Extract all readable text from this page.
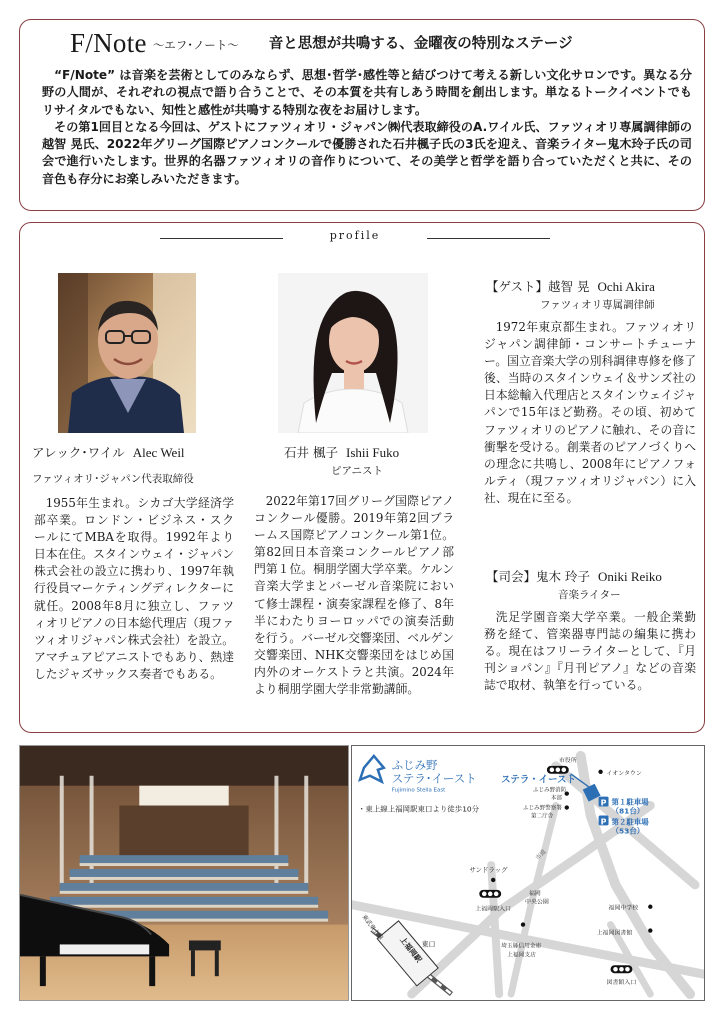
F/Note ～エフ･ノート～ 音と思想が共鳴する、金曜夜の特別なステージ

“F/Note” は音楽を芸術としてのみならず、思想･哲学･感性等と結びつけて考える新しい文化サロンです。異なる分野の人間が、それぞれの視点で語り合うことで、その本質を共有しあう時間を創出します。単なるトークイベントでもリサイタルでもない、知性と感性が共鳴する特別な夜をお届けします。

その第1回目となる今回は、ゲストにファツィオリ・ジャパン㈱代表取締役のA.ワイル氏、ファツィオリ専属調律師の越智 晃氏、2022年グリーグ国際ピアノコンクールで優勝された石井楓子氏の3氏を迎え、音楽ライター鬼木玲子氏の司会で進行いたします。世界的名器ファツィオリの音作りについて、その美学と哲学を語り合っていただくと共に、その音色も存分にお楽しみいただきます。

profile
アレック･ワイル Alec Weil
ファツィオリ･ジャパン代表取締役
1955年生まれ。シカゴ大学経済学部卒業。ロンドン・ビジネス・スクールにてMBAを取得。1992年より日本在住。スタインウェイ・ジャパン株式会社の設立に携わり、1997年執行役員マーケティングディレクターに就任。2008年8月に独立し、ファツィオリピアノの日本総代理店（現ファツィオリジャパン株式会社）を設立。アマチュアピアニストでもあり、熱達したジャズサックス奏者でもある。
石井 楓子 Ishii Fuko
ピアニスト
2022年第17回グリーグ国際ピアノコンクール優勝。2019年第2回ブラームス国際ピアノコンクール第1位。第82回日本音楽コンクールピアノ部門第１位。桐朋学園大学卒業。ケルン音楽大学まとバーゼル音楽院において修士課程・演奏家課程を修了、8年半にわたりヨーロッパでの演奏活動を行う。バーゼル交響楽団、ベルゲン交響楽団、NHK交響楽団をはじめ国内外のオーケストラと共演。2024年より桐朋学園大学非常勤講師。
【ゲスト】越智 晃 Ochi Akira
ファツィオリ専属調律師
1972年東京都生まれ。ファツィオリジャパン調律師・コンサートチューナー。国立音楽大学の別科調律専修を修了後、当時のスタインウェイ＆サンズ社の日本総輸入代理店とスタインウェイジャパンで15年ほど勤務。その頃、初めてファツィオリのピアノに触れ、その音に衝撃を受ける。創業者のピアノづくりへの理念に共鳴し、2008年にピアノフォルティ（現ファツィオリジャパン）に入社、現在に至る。
【司会】鬼木 玲子 Oniki Reiko
音楽ライター
洗足学園音楽大学卒業。一般企業勤務を経て、管楽器専門誌の編集に携わる。現在はフリーライターとして、『月刊ショパン』『月刊ピアノ』などの音楽誌で取材、執筆を行っている。
ふじみ野
ステラ･イースト
Fujimino Stella East
ステラ・イースト
・東上線上福岡駅東口より徒歩10分
市役所
イオンタウン
ふじみ野消防
本部
ふじみ野警察署
第二庁舎
第１駐車場
（81台）
第２駐車場
（53台）
P
P
サンドラッグ
上福岡駅入口
福岡
中央公園
福岡中学校
東口
上福岡図書館
埼玉縣信用金庫
上福岡支店
図書館入口
東武東上線
上福岡駅
市道
